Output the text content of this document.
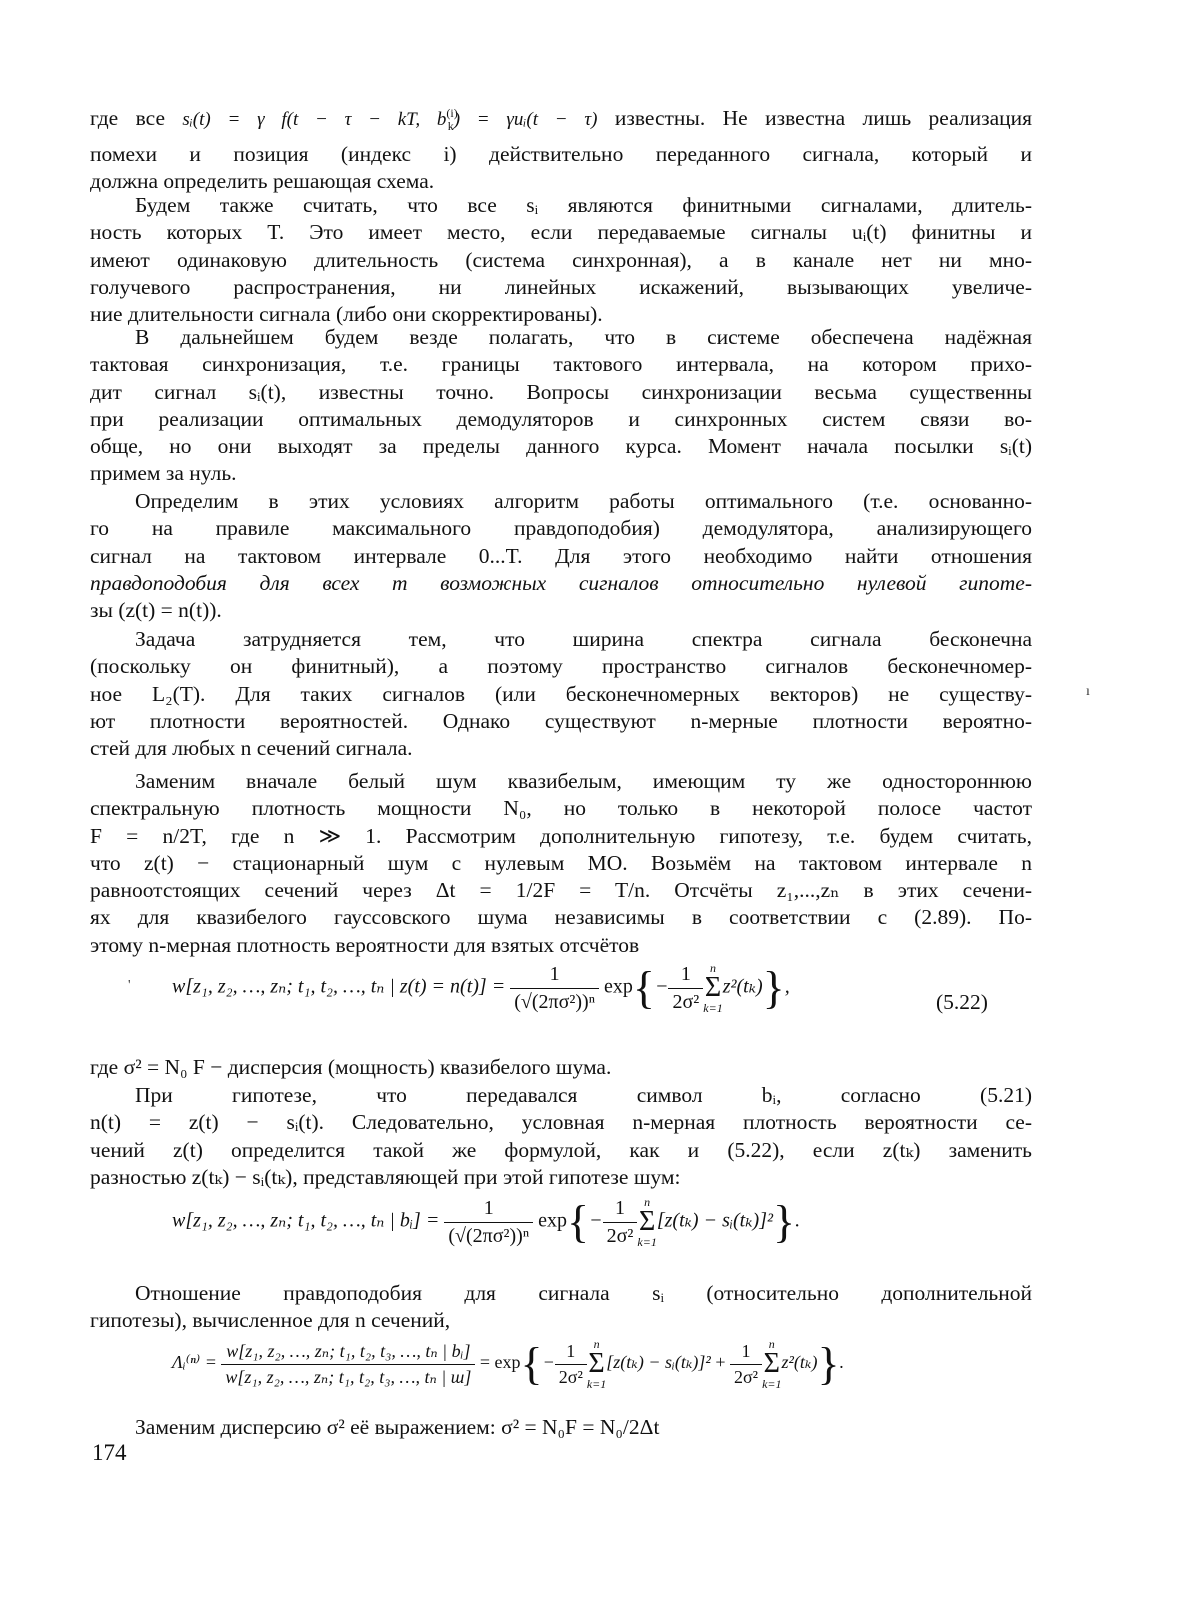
где все sᵢ(t) = γ f(t − τ − kT, $b^{(i)}_k$) = γuᵢ(t − τ) известны. Не известна лишь реализация
помехи и позиция (индекс i) действительно переданного сигнала, который и
должна определить решающая схема.
Будем также считать, что все sᵢ являются финитными сигналами, длитель-
ность которых T. Это имеет место, если передаваемые сигналы uᵢ(t) финитны и
имеют одинаковую длительность (система синхронная), а в канале нет ни мно-
голучевого распространения, ни линейных искажений, вызывающих увеличе-
ние длительности сигнала (либо они скорректированы).
В дальнейшем будем везде полагать, что в системе обеспечена надёжная
тактовая синхронизация, т.е. границы тактового интервала, на котором прихо-
дит сигнал sᵢ(t), известны точно. Вопросы синхронизации весьма существенны
при реализации оптимальных демодуляторов и синхронных систем связи во-
обще, но они выходят за пределы данного курса. Момент начала посылки sᵢ(t)
примем за нуль.
Определим в этих условиях алгоритм работы оптимального (т.е. основанно-
го на правиле максимального правдоподобия) демодулятора, анализирующего
сигнал на тактовом интервале 0...T. Для этого необходимо найти отношения
правдоподобия для всех m возможных сигналов относительно нулевой гипоте-
зы (z(t) = n(t)).
Задача затрудняется тем, что ширина спектра сигнала бесконечна
(поскольку он финитный), а поэтому пространство сигналов бесконечномер-
ное L₂(T). Для таких сигналов (или бесконечномерных векторов) не существу-
ют плотности вероятностей. Однако существуют n-мерные плотности вероятно-
стей для любых n сечений сигнала.
Заменим вначале белый шум квазибелым, имеющим ту же одностороннюю
спектральную плотность мощности N₀, но только в некоторой полосе частот
F = n/2T, где n ≫ 1. Рассмотрим дополнительную гипотезу, т.е. будем считать,
что z(t) − стационарный шум с нулевым МО. Возьмём на тактовом интервале n
равноотстоящих сечений через Δt = 1/2F = T/n. Отсчёты z₁,...,zₙ в этих сечени-
ях для квазибелого гауссовского шума независимы в соответствии с (2.89). По-
этому n-мерная плотность вероятности для взятых отсчётов
'
ı
w[z₁, z₂, …, zₙ; t₁, t₂, …, tₙ | $z(t) = n(t)] = \frac{1}{\text{(√(2πσ²))ⁿ}} \exp\{- \frac{1}{\text{2σ²}}$ n
Σ
k=1
z²(tₖ)},
(5.22)
где σ² = N₀ F − дисперсия (мощность) квазибелого шума.
При гипотезе, что передавался символ bᵢ, согласно (5.21)
n(t) = z(t) − sᵢ(t). Следовательно, условная n-мерная плотность вероятности се-
чений z(t) определится такой же формулой, как и (5.22), если z(tₖ) заменить
разностью z(tₖ) − sᵢ(tₖ), представляющей при этой гипотезе шум:
w[z₁, z₂, …, zₙ; t₁, t₂, …, tₙ | bᵢ] = $\frac{1}{\text{(√(2πσ²))ⁿ}} \exp\{- \frac{1}{\text{2σ²}}$ n
Σ
k=1
[z(tₖ) − sᵢ(tₖ)]²}.
Отношение правдоподобия для сигнала sᵢ (относительно дополнительной
гипотезы), вычисленное для n сечений,
Λᵢ⁽ⁿ⁾ = $\frac{\text{w[z₁, z₂, …, zₙ; t₁, t₂, t₃, …, tₙ | bᵢ]}}{\text{w[z₁, z₂, …, zₙ; t₁, t₂, t₃, …, tₙ | ш]}} = \exp\{- \frac{1}{\text{2σ²}}$ n
Σ
k=1
[z(tₖ) − sᵢ(tₖ)]² + $\frac{1}{\text{2σ²}}$ n
Σ
k=1
z²(tₖ)}.
Заменим дисперсию σ² её выражением: σ² = N₀F = N₀/2Δt
174
